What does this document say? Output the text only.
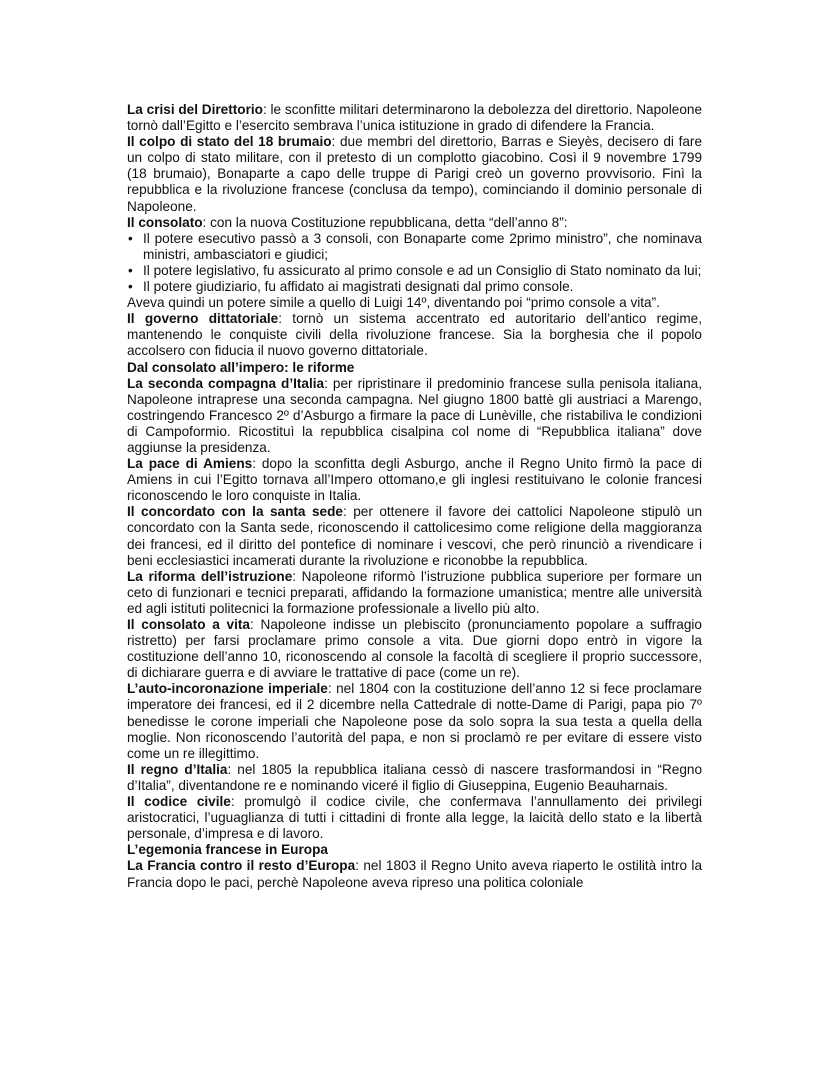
La crisi del Direttorio: le sconfitte militari determinarono la debolezza del direttorio. Napoleone tornò dall’Egitto e l’esercito sembrava l’unica istituzione in grado di difendere la Francia.

Il colpo di stato del 18 brumaio: due membri del direttorio, Barras e Sieyès, decisero di fare un colpo di stato militare, con il pretesto di un complotto giacobino. Così il 9 novembre 1799 (18 brumaio), Bonaparte a capo delle truppe di Parigi creò un governo provvisorio. Finì la repubblica e la rivoluzione francese (conclusa da tempo), cominciando il dominio personale di Napoleone.

Il consolato: con la nuova Costituzione repubblicana, detta “dell’anno 8”:

• Il potere esecutivo passò a 3 consoli, con Bonaparte come 2primo ministro”, che nominava ministri, ambasciatori e giudici;
• Il potere legislativo, fu assicurato al primo console e ad un Consiglio di Stato nominato da lui;
• Il potere giudiziario, fu affidato ai magistrati designati dal primo console.

Aveva quindi un potere simile a quello di Luigi 14º, diventando poi “primo console a vita”.

Il governo dittatoriale: tornò un sistema accentrato ed autoritario dell’antico regime, mantenendo le conquiste civili della rivoluzione francese. Sia la borghesia che il popolo accolsero con fiducia il nuovo governo dittatoriale.

Dal consolato all’impero: le riforme

La seconda compagna d’Italia: per ripristinare il predominio francese sulla penisola italiana, Napoleone intraprese una seconda campagna. Nel giugno 1800 battè gli austriaci a Marengo, costringendo Francesco 2º d’Asburgo a firmare la pace di Lunèville, che ristabiliva le condizioni di Campoformio. Ricostituì la repubblica cisalpina col nome di “Repubblica italiana” dove aggiunse la presidenza.

La pace di Amiens: dopo la sconfitta degli Asburgo, anche il Regno Unito firmò la pace di Amiens in cui l’Egitto tornava all’Impero ottomano,e gli inglesi restituivano le colonie francesi riconoscendo le loro conquiste in Italia.

Il concordato con la santa sede: per ottenere il favore dei cattolici Napoleone stipulò un concordato con la Santa sede, riconoscendo il cattolicesimo come religione della maggioranza dei francesi, ed il diritto del pontefice di nominare i vescovi, che però rinunciò a rivendicare i beni ecclesiastici incamerati durante la rivoluzione e riconobbe la repubblica.

La riforma dell’istruzione: Napoleone riformò l’istruzione pubblica superiore per formare un ceto di funzionari e tecnici preparati, affidando la formazione umanistica; mentre alle università ed agli istituti politecnici la formazione professionale a livello più alto.

Il consolato a vita: Napoleone indisse un plebiscito (pronunciamento popolare a suffragio ristretto) per farsi proclamare primo console a vita. Due giorni dopo entrò in vigore la costituzione dell’anno 10, riconoscendo al console la facoltà di scegliere il proprio successore, di dichiarare guerra e di avviare le trattative di pace (come un re).

L’auto-incoronazione imperiale: nel 1804 con la costituzione dell’anno 12 si fece proclamare imperatore dei francesi, ed il 2 dicembre nella Cattedrale di notte-Dame di Parigi, papa pio 7º benedisse le corone imperiali che Napoleone pose da solo sopra la sua testa a quella della moglie. Non riconoscendo l’autorità del papa, e non si proclamò re per evitare di essere visto come un re illegittimo.

Il regno d’Italia: nel 1805 la repubblica italiana cessò di nascere trasformandosi in “Regno d’Italia”, diventandone re e nominando viceré il figlio di Giuseppina, Eugenio Beauharnais.

Il codice civile: promulgò il codice civile, che confermava l’annullamento dei privilegi aristocratici, l’uguaglianza di tutti i cittadini di fronte alla legge, la laicità dello stato e la libertà personale, d’impresa e di lavoro.

L’egemonia francese in Europa

La Francia contro il resto d’Europa: nel 1803 il Regno Unito aveva riaperto le ostilità intro la Francia dopo le paci, perchè Napoleone aveva ripreso una politica coloniale
